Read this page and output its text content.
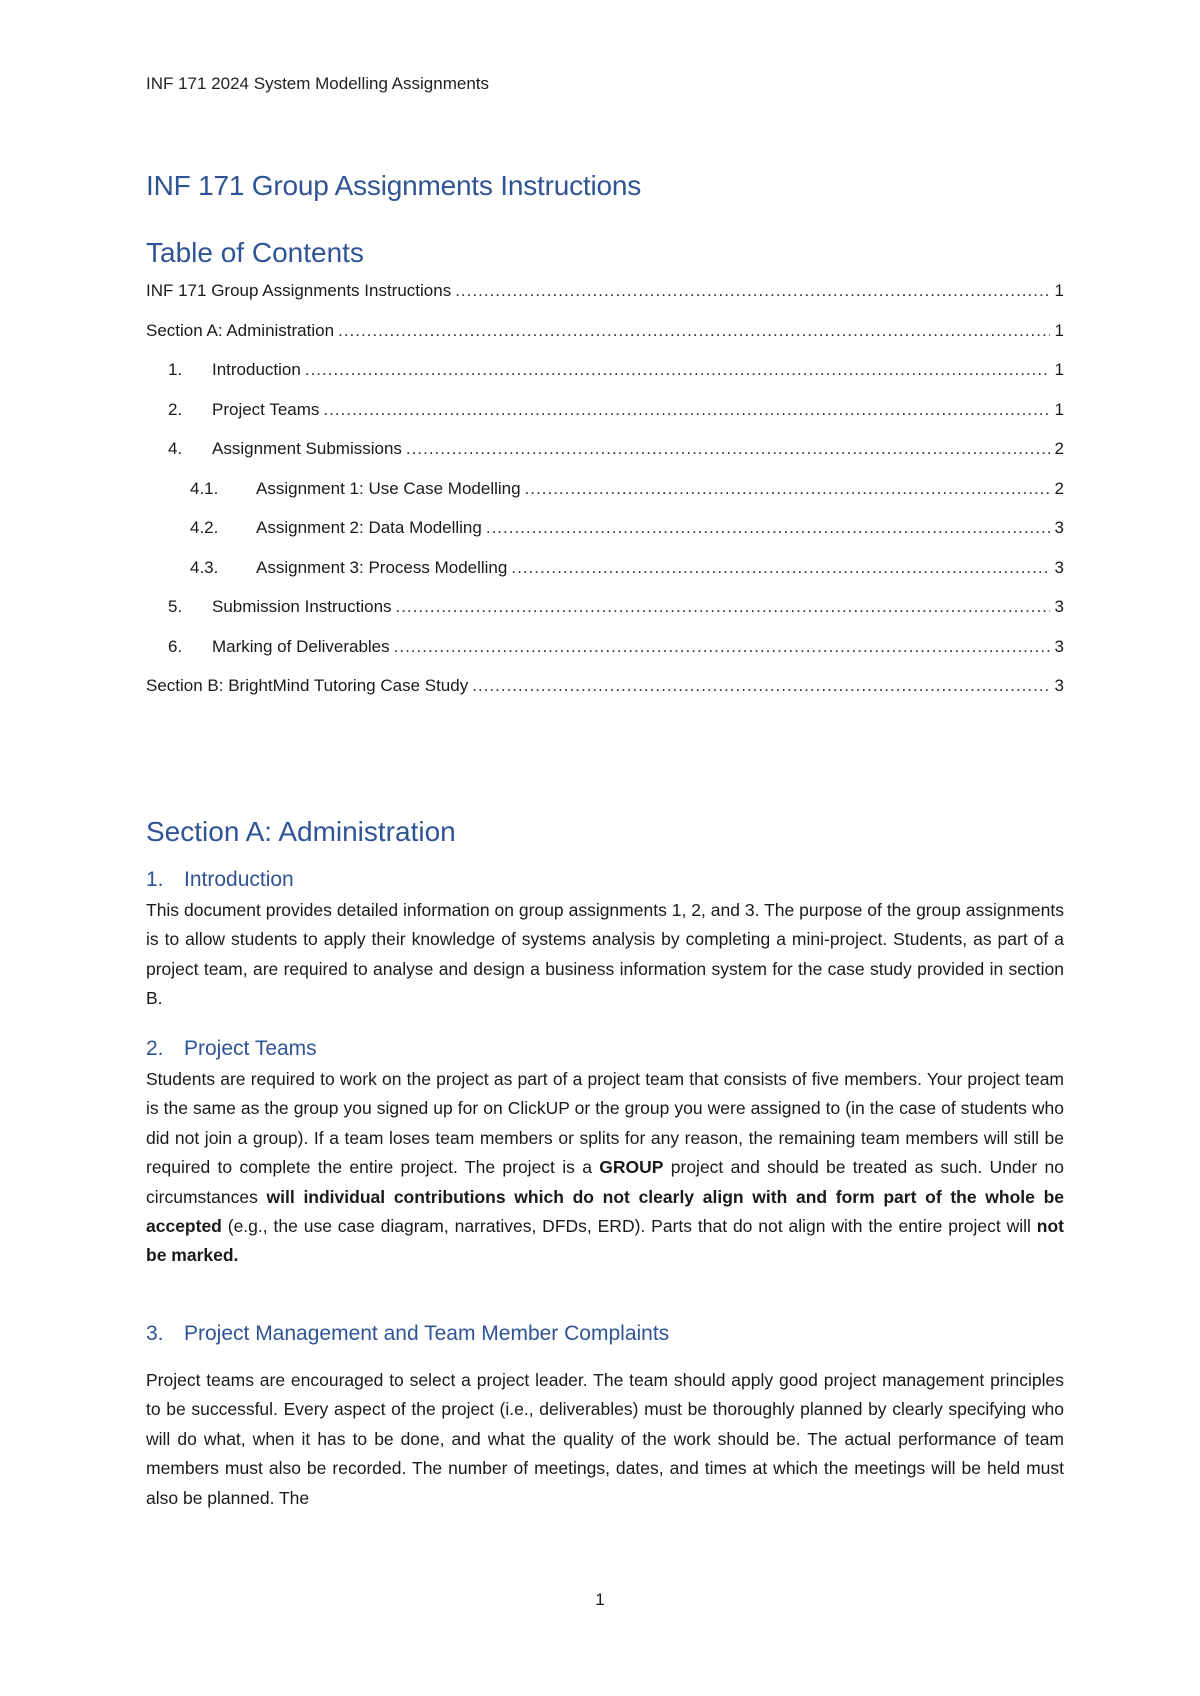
INF 171 2024 System Modelling Assignments
INF 171 Group Assignments Instructions
Table of Contents
INF 171 Group Assignments Instructions .....	1
Section A: Administration .....	1
1.	Introduction .....	1
2.	Project Teams .....	1
4.	Assignment Submissions .....	2
4.1.	Assignment 1: Use Case Modelling .....	2
4.2.	Assignment 2: Data Modelling .....	3
4.3.	Assignment 3: Process Modelling .....	3
5.	Submission Instructions .....	3
6.	Marking of Deliverables .....	3
Section B: BrightMind Tutoring Case Study .....	3
Section A: Administration
1. Introduction

This document provides detailed information on group assignments 1, 2, and 3. The purpose of the group assignments is to allow students to apply their knowledge of systems analysis by completing a mini-project. Students, as part of a project team, are required to analyse and design a business information system for the case study provided in section B.

2. Project Teams

Students are required to work on the project as part of a project team that consists of five members. Your project team is the same as the group you signed up for on ClickUP or the group you were assigned to (in the case of students who did not join a group). If a team loses team members or splits for any reason, the remaining team members will still be required to complete the entire project. The project is a GROUP project and should be treated as such. Under no circumstances will individual contributions which do not clearly align with and form part of the whole be accepted (e.g., the use case diagram, narratives, DFDs, ERD). Parts that do not align with the entire project will not be marked.

3. Project Management and Team Member Complaints

Project teams are encouraged to select a project leader. The team should apply good project management principles to be successful. Every aspect of the project (i.e., deliverables) must be thoroughly planned by clearly specifying who will do what, when it has to be done, and what the quality of the work should be. The actual performance of team members must also be recorded. The number of meetings, dates, and times at which the meetings will be held must also be planned. The

1
